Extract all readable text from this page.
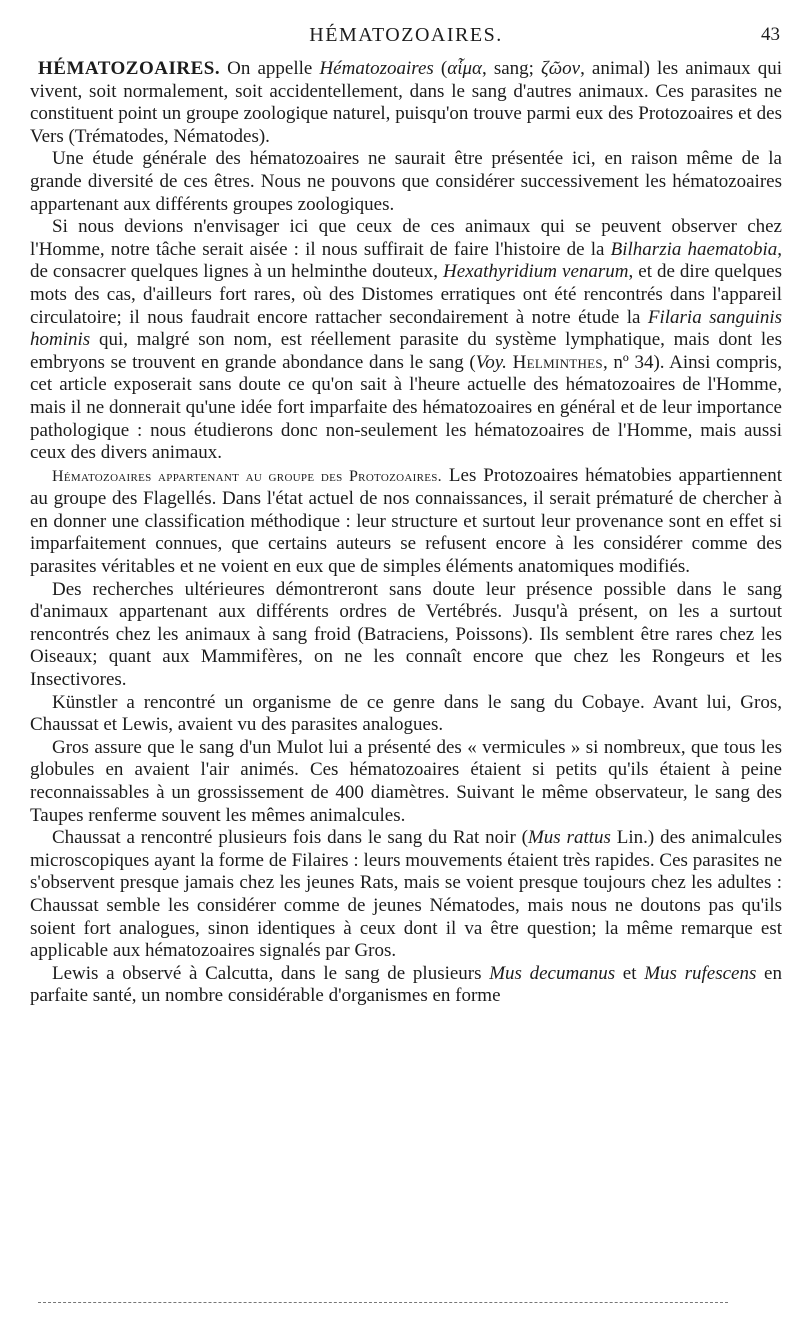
HÉMATOZOAIRES.	43

HÉMATOZOAIRES. On appelle Hématozoaires (αἷμα, sang; ζῶον, animal) les animaux qui vivent, soit normalement, soit accidentellement, dans le sang d'autres animaux. Ces parasites ne constituent point un groupe zoologique naturel, puisqu'on trouve parmi eux des Protozoaires et des Vers (Trématodes, Nématodes).

Une étude générale des hématozoaires ne saurait être présentée ici, en raison même de la grande diversité de ces êtres. Nous ne pouvons que considérer successivement les hématozoaires appartenant aux différents groupes zoologiques.

Si nous devions n'envisager ici que ceux de ces animaux qui se peuvent observer chez l'Homme, notre tâche serait aisée : il nous suffirait de faire l'histoire de la Bilharzia haematobia, de consacrer quelques lignes à un helminthe douteux, Hexathyridium venarum, et de dire quelques mots des cas, d'ailleurs fort rares, où des Distomes erratiques ont été rencontrés dans l'appareil circulatoire; il nous faudrait encore rattacher secondairement à notre étude la Filaria sanguinis hominis qui, malgré son nom, est réellement parasite du système lymphatique, mais dont les embryons se trouvent en grande abondance dans le sang (Voy. Helminthes, nº 34). Ainsi compris, cet article exposerait sans doute ce qu'on sait à l'heure actuelle des hématozoaires de l'Homme, mais il ne donnerait qu'une idée fort imparfaite des hématozoaires en général et de leur importance pathologique : nous étudierons donc non-seulement les hématozoaires de l'Homme, mais aussi ceux des divers animaux.

Hématozoaires appartenant au groupe des Protozoaires. Les Protozoaires hématobies appartiennent au groupe des Flagellés. Dans l'état actuel de nos connaissances, il serait prématuré de chercher à en donner une classification méthodique : leur structure et surtout leur provenance sont en effet si imparfaitement connues, que certains auteurs se refusent encore à les considérer comme des parasites véritables et ne voient en eux que de simples éléments anatomiques modifiés.

Des recherches ultérieures démontreront sans doute leur présence possible dans le sang d'animaux appartenant aux différents ordres de Vertébrés. Jusqu'à présent, on les a surtout rencontrés chez les animaux à sang froid (Batraciens, Poissons). Ils semblent être rares chez les Oiseaux; quant aux Mammifères, on ne les connaît encore que chez les Rongeurs et les Insectivores.

Künstler a rencontré un organisme de ce genre dans le sang du Cobaye. Avant lui, Gros, Chaussat et Lewis, avaient vu des parasites analogues.

Gros assure que le sang d'un Mulot lui a présenté des « vermicules » si nombreux, que tous les globules en avaient l'air animés. Ces hématozoaires étaient si petits qu'ils étaient à peine reconnaissables à un grossissement de 400 diamètres. Suivant le même observateur, le sang des Taupes renferme souvent les mêmes animalcules.

Chaussat a rencontré plusieurs fois dans le sang du Rat noir (Mus rattus Lin.) des animalcules microscopiques ayant la forme de Filaires : leurs mouvements étaient très rapides. Ces parasites ne s'observent presque jamais chez les jeunes Rats, mais se voient presque toujours chez les adultes : Chaussat semble les considérer comme de jeunes Nématodes, mais nous ne doutons pas qu'ils soient fort analogues, sinon identiques à ceux dont il va être question; la même remarque est applicable aux hématozoaires signalés par Gros.

Lewis a observé à Calcutta, dans le sang de plusieurs Mus decumanus et Mus rufescens en parfaite santé, un nombre considérable d'organismes en forme
